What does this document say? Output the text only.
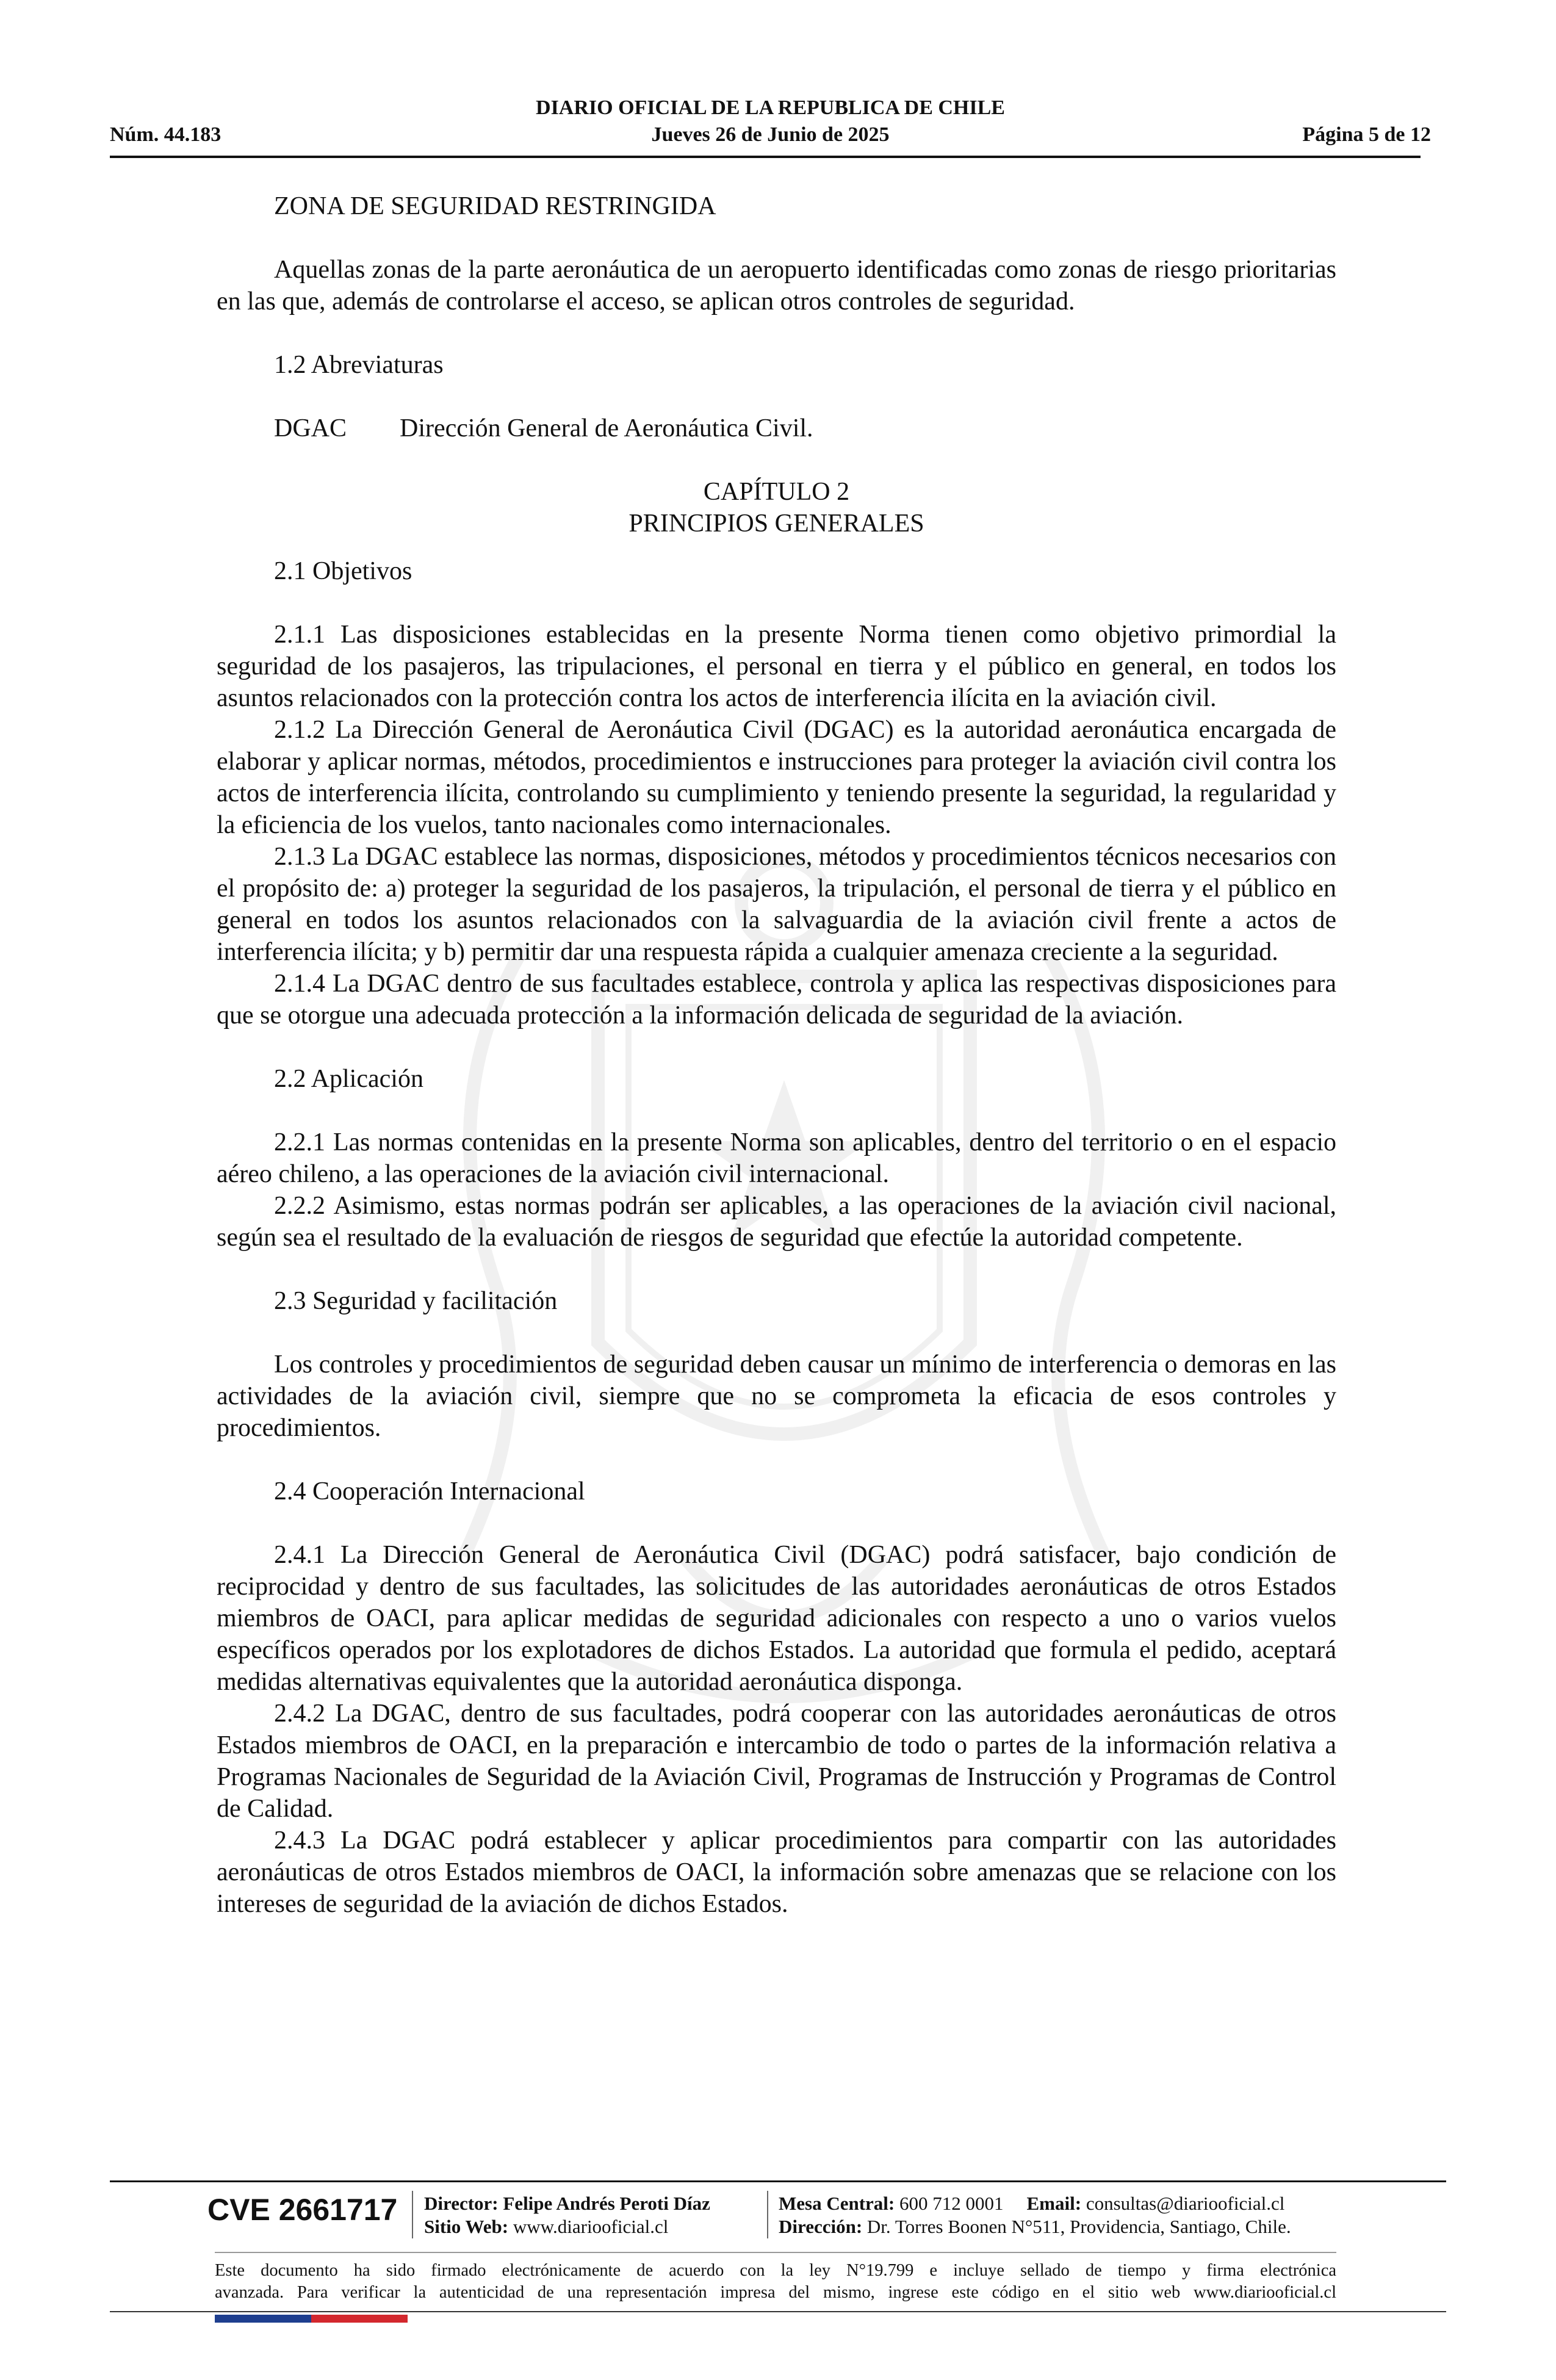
DIARIO OFICIAL DE LA REPUBLICA DE CHILE
Núm. 44.183	Jueves 26 de Junio de 2025	Página 5 de 12

ZONA DE SEGURIDAD RESTRINGIDA

Aquellas zonas de la parte aeronáutica de un aeropuerto identificadas como zonas de riesgo prioritarias en las que, además de controlarse el acceso, se aplican otros controles de seguridad.

1.2 Abreviaturas

DGAC Dirección General de Aeronáutica Civil.

CAPÍTULO 2

PRINCIPIOS GENERALES

2.1 Objetivos

2.1.1 Las disposiciones establecidas en la presente Norma tienen como objetivo primordial la seguridad de los pasajeros, las tripulaciones, el personal en tierra y el público en general, en todos los asuntos relacionados con la protección contra los actos de interferencia ilícita en la aviación civil.

2.1.2 La Dirección General de Aeronáutica Civil (DGAC) es la autoridad aeronáutica encargada de elaborar y aplicar normas, métodos, procedimientos e instrucciones para proteger la aviación civil contra los actos de interferencia ilícita, controlando su cumplimiento y teniendo presente la seguridad, la regularidad y la eficiencia de los vuelos, tanto nacionales como internacionales.

2.1.3 La DGAC establece las normas, disposiciones, métodos y procedimientos técnicos necesarios con el propósito de: a) proteger la seguridad de los pasajeros, la tripulación, el personal de tierra y el público en general en todos los asuntos relacionados con la salvaguardia de la aviación civil frente a actos de interferencia ilícita; y b) permitir dar una respuesta rápida a cualquier amenaza creciente a la seguridad.

2.1.4 La DGAC dentro de sus facultades establece, controla y aplica las respectivas disposiciones para que se otorgue una adecuada protección a la información delicada de seguridad de la aviación.

2.2 Aplicación

2.2.1 Las normas contenidas en la presente Norma son aplicables, dentro del territorio o en el espacio aéreo chileno, a las operaciones de la aviación civil internacional.

2.2.2 Asimismo, estas normas podrán ser aplicables, a las operaciones de la aviación civil nacional, según sea el resultado de la evaluación de riesgos de seguridad que efectúe la autoridad competente.

2.3 Seguridad y facilitación

Los controles y procedimientos de seguridad deben causar un mínimo de interferencia o demoras en las actividades de la aviación civil, siempre que no se comprometa la eficacia de esos controles y procedimientos.

2.4 Cooperación Internacional

2.4.1 La Dirección General de Aeronáutica Civil (DGAC) podrá satisfacer, bajo condición de reciprocidad y dentro de sus facultades, las solicitudes de las autoridades aeronáuticas de otros Estados miembros de OACI, para aplicar medidas de seguridad adicionales con respecto a uno o varios vuelos específicos operados por los explotadores de dichos Estados. La autoridad que formula el pedido, aceptará medidas alternativas equivalentes que la autoridad aeronáutica disponga.

2.4.2 La DGAC, dentro de sus facultades, podrá cooperar con las autoridades aeronáuticas de otros Estados miembros de OACI, en la preparación e intercambio de todo o partes de la información relativa a Programas Nacionales de Seguridad de la Aviación Civil, Programas de Instrucción y Programas de Control de Calidad.

2.4.3 La DGAC podrá establecer y aplicar procedimientos para compartir con las autoridades aeronáuticas de otros Estados miembros de OACI, la información sobre amenazas que se relacione con los intereses de seguridad de la aviación de dichos Estados.

CVE 2661717 Director: Felipe Andrés Peroti Díaz
Sitio Web: www.diariooficial.cl
Mesa Central: 600 712 0001 Email: consultas@diariooficial.cl
Dirección: Dr. Torres Boonen N°511, Providencia, Santiago, Chile.
Este documento ha sido firmado electrónicamente de acuerdo con la ley N°19.799 e incluye sellado de tiempo y firma electrónica
avanzada. Para verificar la autenticidad de una representación impresa del mismo, ingrese este código en el sitio web www.diariooficial.cl
